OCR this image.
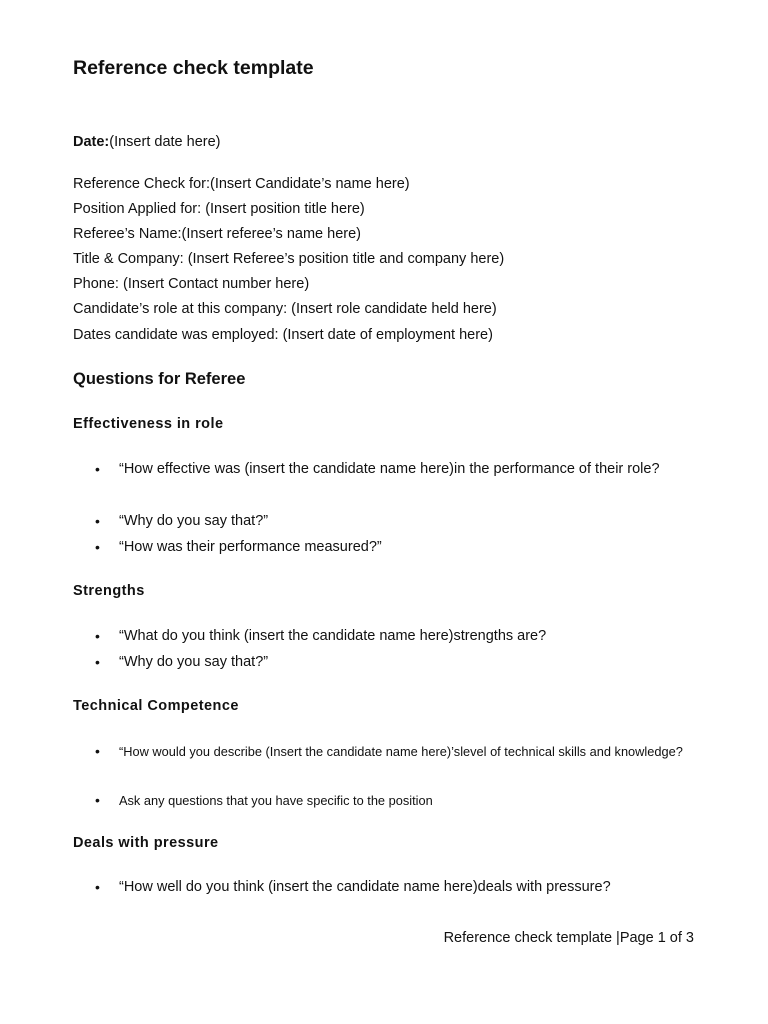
Reference check template
Date:(Insert date here)
Reference Check for:(Insert Candidate’s name here)
Position Applied for: (Insert position title here)
Referee’s Name:(Insert referee’s name here)
Title & Company: (Insert Referee’s position title and company here)
Phone: (Insert Contact number here)
Candidate’s role at this company: (Insert role candidate held here)
Dates candidate was employed: (Insert date of employment here)
Questions for Referee
Effectiveness in role
• “How effective was (insert the candidate name here)in the performance of their role?
• “Why do you say that?”
• “How was their performance measured?”
Strengths
• “What do you think (insert the candidate name here)strengths are?
• “Why do you say that?”
Technical Competence
• “How would you describe (Insert the candidate name here)’slevel of technical skills and knowledge?
• Ask any questions that you have specific to the position
Deals with pressure
• “How well do you think (insert the candidate name here)deals with pressure?
Reference check template |Page 1 of 3
